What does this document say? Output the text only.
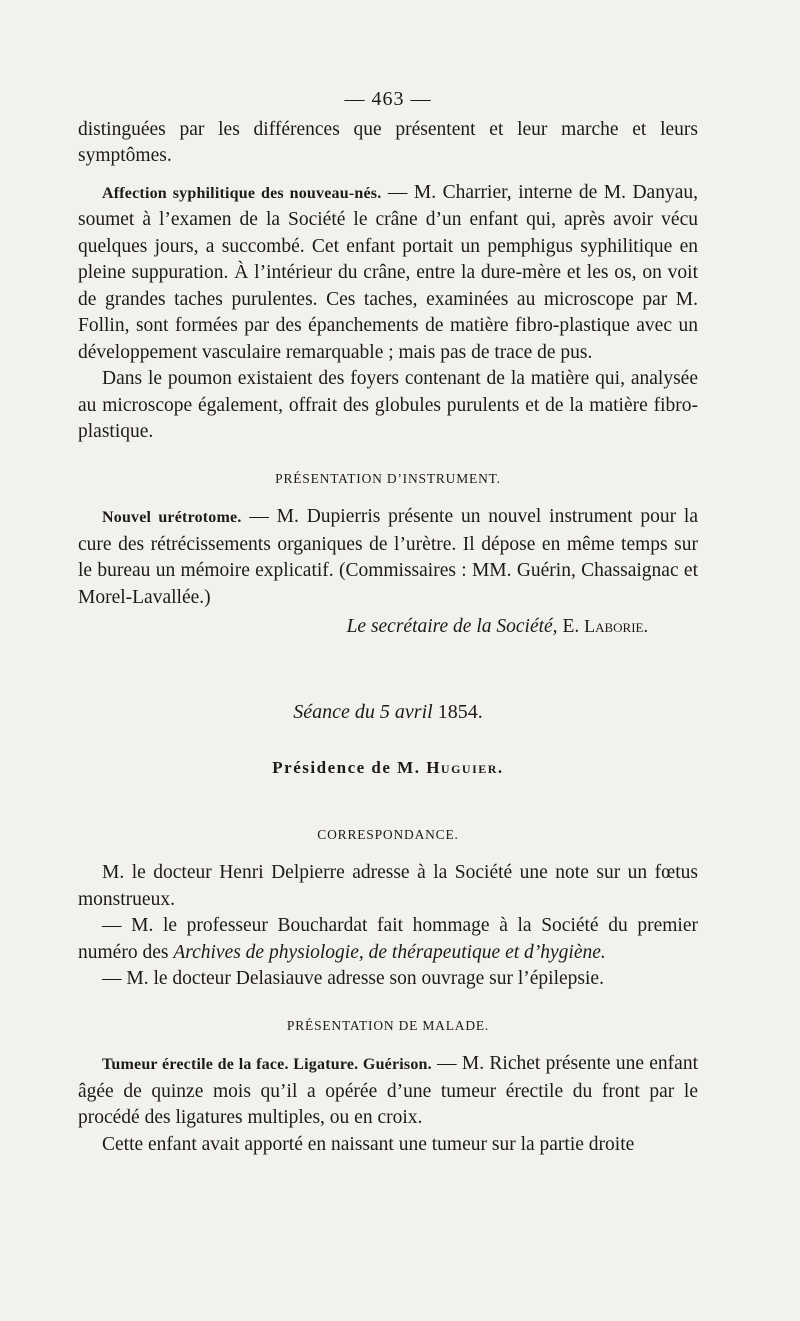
— 463 —

distinguées par les différences que présentent et leur marche et leurs symptômes.

Affection syphilitique des nouveau-nés. — M. Charrier, interne de M. Danyau, soumet à l’examen de la Société le crâne d’un enfant qui, après avoir vécu quelques jours, a succombé. Cet enfant portait un pemphigus syphilitique en pleine suppuration. À l’intérieur du crâne, entre la dure-mère et les os, on voit de grandes taches purulentes. Ces taches, examinées au microscope par M. Follin, sont formées par des épanchements de matière fibro-plastique avec un développement vasculaire remarquable ; mais pas de trace de pus.

Dans le poumon existaient des foyers contenant de la matière qui, analysée au microscope également, offrait des globules purulents et de la matière fibro-plastique.

PRÉSENTATION D’INSTRUMENT.

Nouvel urétrotome. — M. Dupierris présente un nouvel instrument pour la cure des rétrécissements organiques de l’urètre. Il dépose en même temps sur le bureau un mémoire explicatif. (Commissaires : MM. Guérin, Chassaignac et Morel-Lavallée.)

Le secrétaire de la Société, E. Laborie.

Séance du 5 avril 1854.
Présidence de M. Huguier.
CORRESPONDANCE.

M. le docteur Henri Delpierre adresse à la Société une note sur un fœtus monstrueux.

— M. le professeur Bouchardat fait hommage à la Société du premier numéro des Archives de physiologie, de thérapeutique et d’hygiène.

— M. le docteur Delasiauve adresse son ouvrage sur l’épilepsie.

PRÉSENTATION DE MALADE.

Tumeur érectile de la face. Ligature. Guérison. — M. Richet présente une enfant âgée de quinze mois qu’il a opérée d’une tumeur érectile du front par le procédé des ligatures multiples, ou en croix.

Cette enfant avait apporté en naissant une tumeur sur la partie droite
